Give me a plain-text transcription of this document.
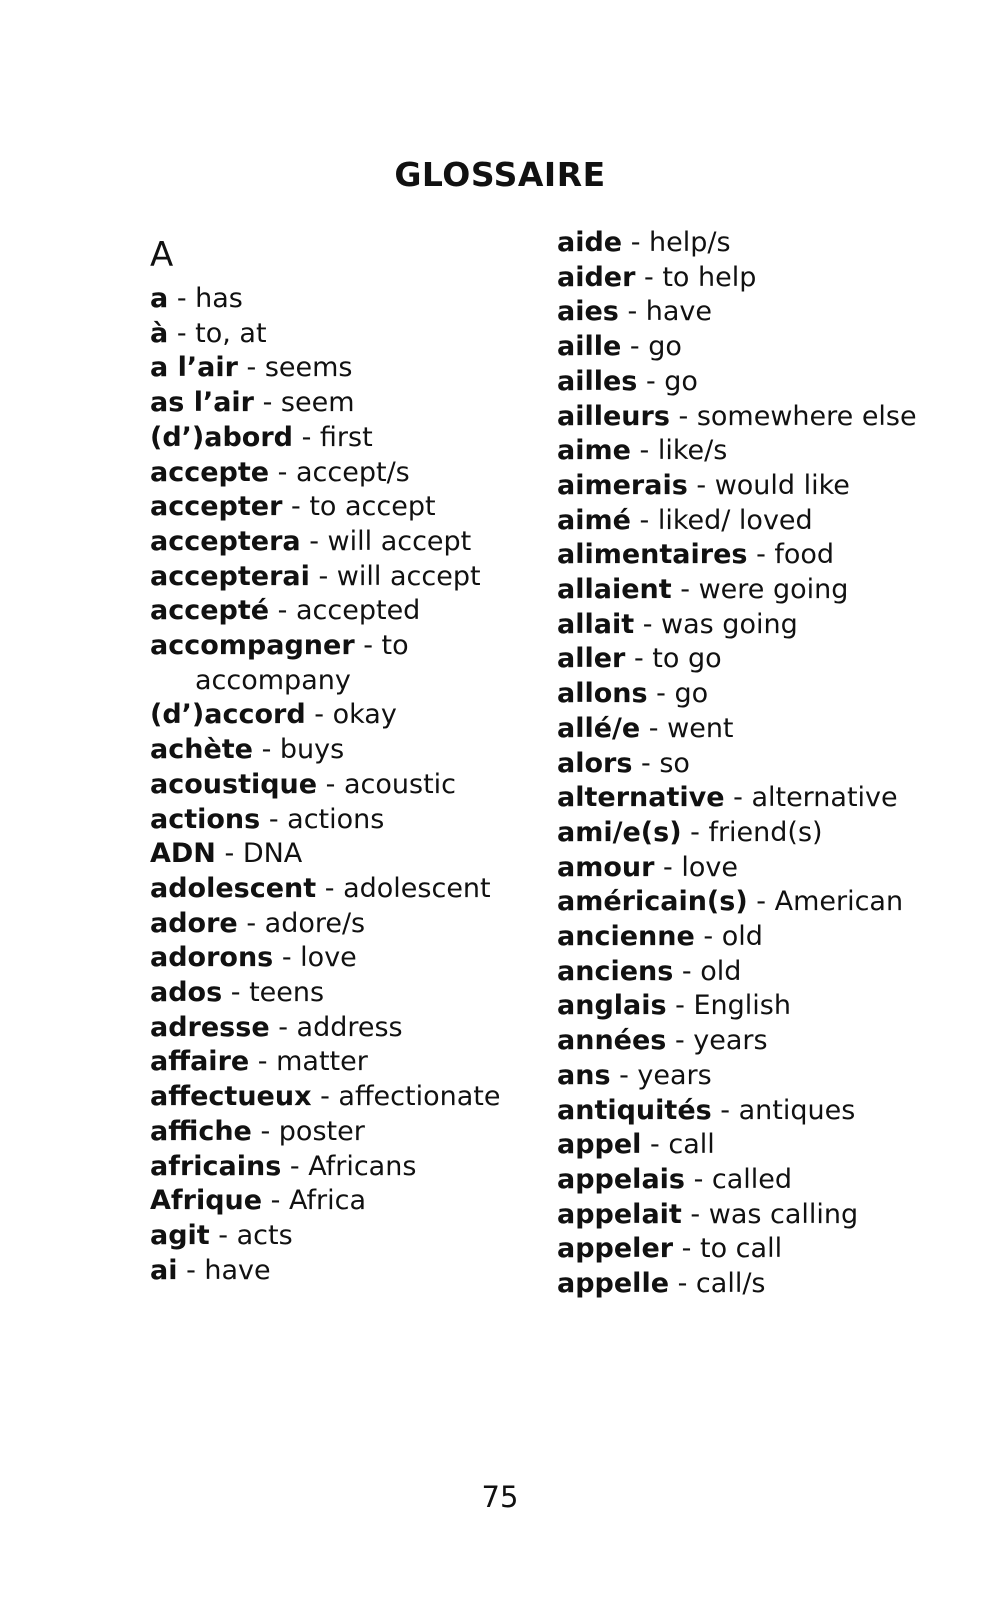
GLOSSAIRE
A

a - has

à - to, at

a l’air - seems

as l’air - seem

(d’)abord - first

accepte - accept/s

accepter - to accept

acceptera - will accept

accepterai - will accept

accepté - accepted

accompagner - to accompany

(d’)accord - okay

achète - buys

acoustique - acoustic

actions - actions

ADN - DNA

adolescent - adolescent

adore - adore/s

adorons - love

ados - teens

adresse - address

affaire - matter

affectueux - affectionate

affiche - poster

africains - Africans

Afrique - Africa

agit - acts

ai - have

aide - help/s

aider - to help

aies - have

aille - go

ailles - go

ailleurs - somewhere else

aime - like/s

aimerais - would like

aimé - liked/ loved

alimentaires - food

allaient - were going

allait - was going

aller - to go

allons - go

allé/e - went

alors - so

alternative - alternative

ami/e(s) - friend(s)

amour - love

américain(s) - American

ancienne - old

anciens - old

anglais - English

années - years

ans - years

antiquités - antiques

appel - call

appelais - called

appelait - was calling

appeler - to call

appelle - call/s

75
